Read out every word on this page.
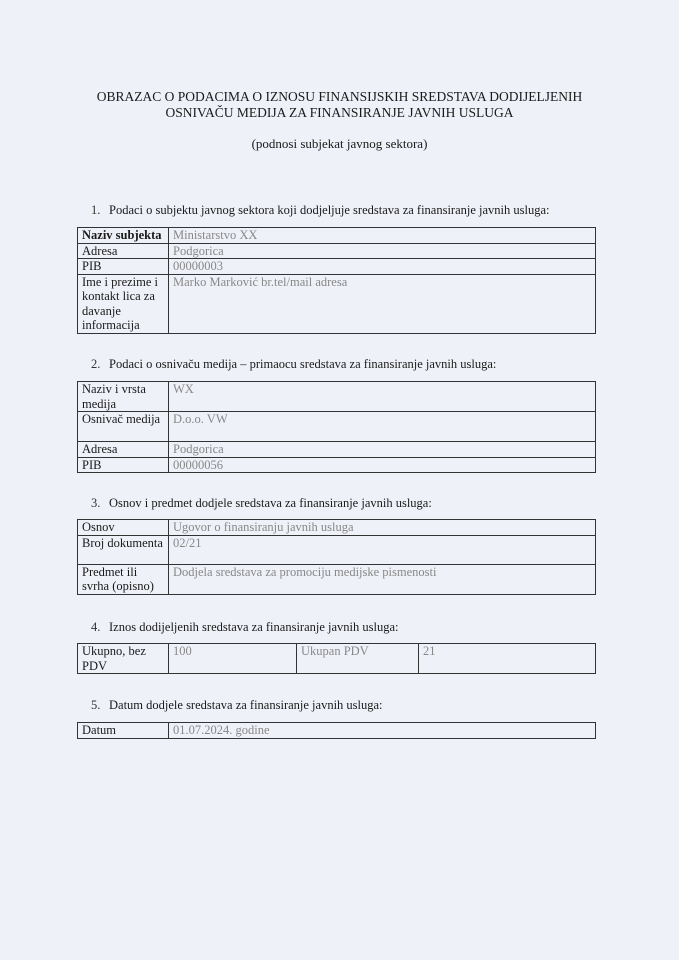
OBRAZAC O PODACIMA O IZNOSU FINANSIJSKIH SREDSTAVA DODIJELJENIH
OSNIVAČU MEDIJA ZA FINANSIRANJE JAVNIH USLUGA
(podnosi subjekat javnog sektora)
1. Podaci o subjektu javnog sektora koji dodjeljuje sredstava za finansiranje javnih usluga:
Naziv subjekta	Ministarstvo XX
Adresa	Podgorica
PIB	00000003
Ime i prezime i kontakt lica za davanje informacija	Marko Marković br.tel/mail adresa
2. Podaci o osnivaču medija – primaocu sredstava za finansiranje javnih usluga:
Naziv i vrsta medija	WX
Osnivač medija	D.o.o. VW
Adresa	Podgorica
PIB	00000056
3. Osnov i predmet dodjele sredstava za finansiranje javnih usluga:
Osnov	Ugovor o finansiranju javnih usluga
Broj dokumenta	02/21
Predmet ili svrha (opisno)	Dodjela sredstava za promociju medijske pismenosti
4. Iznos dodijeljenih sredstava za finansiranje javnih usluga:
Ukupno, bez PDV	100	Ukupan PDV	21
5. Datum dodjele sredstava za finansiranje javnih usluga:
Datum	01.07.2024. godine
